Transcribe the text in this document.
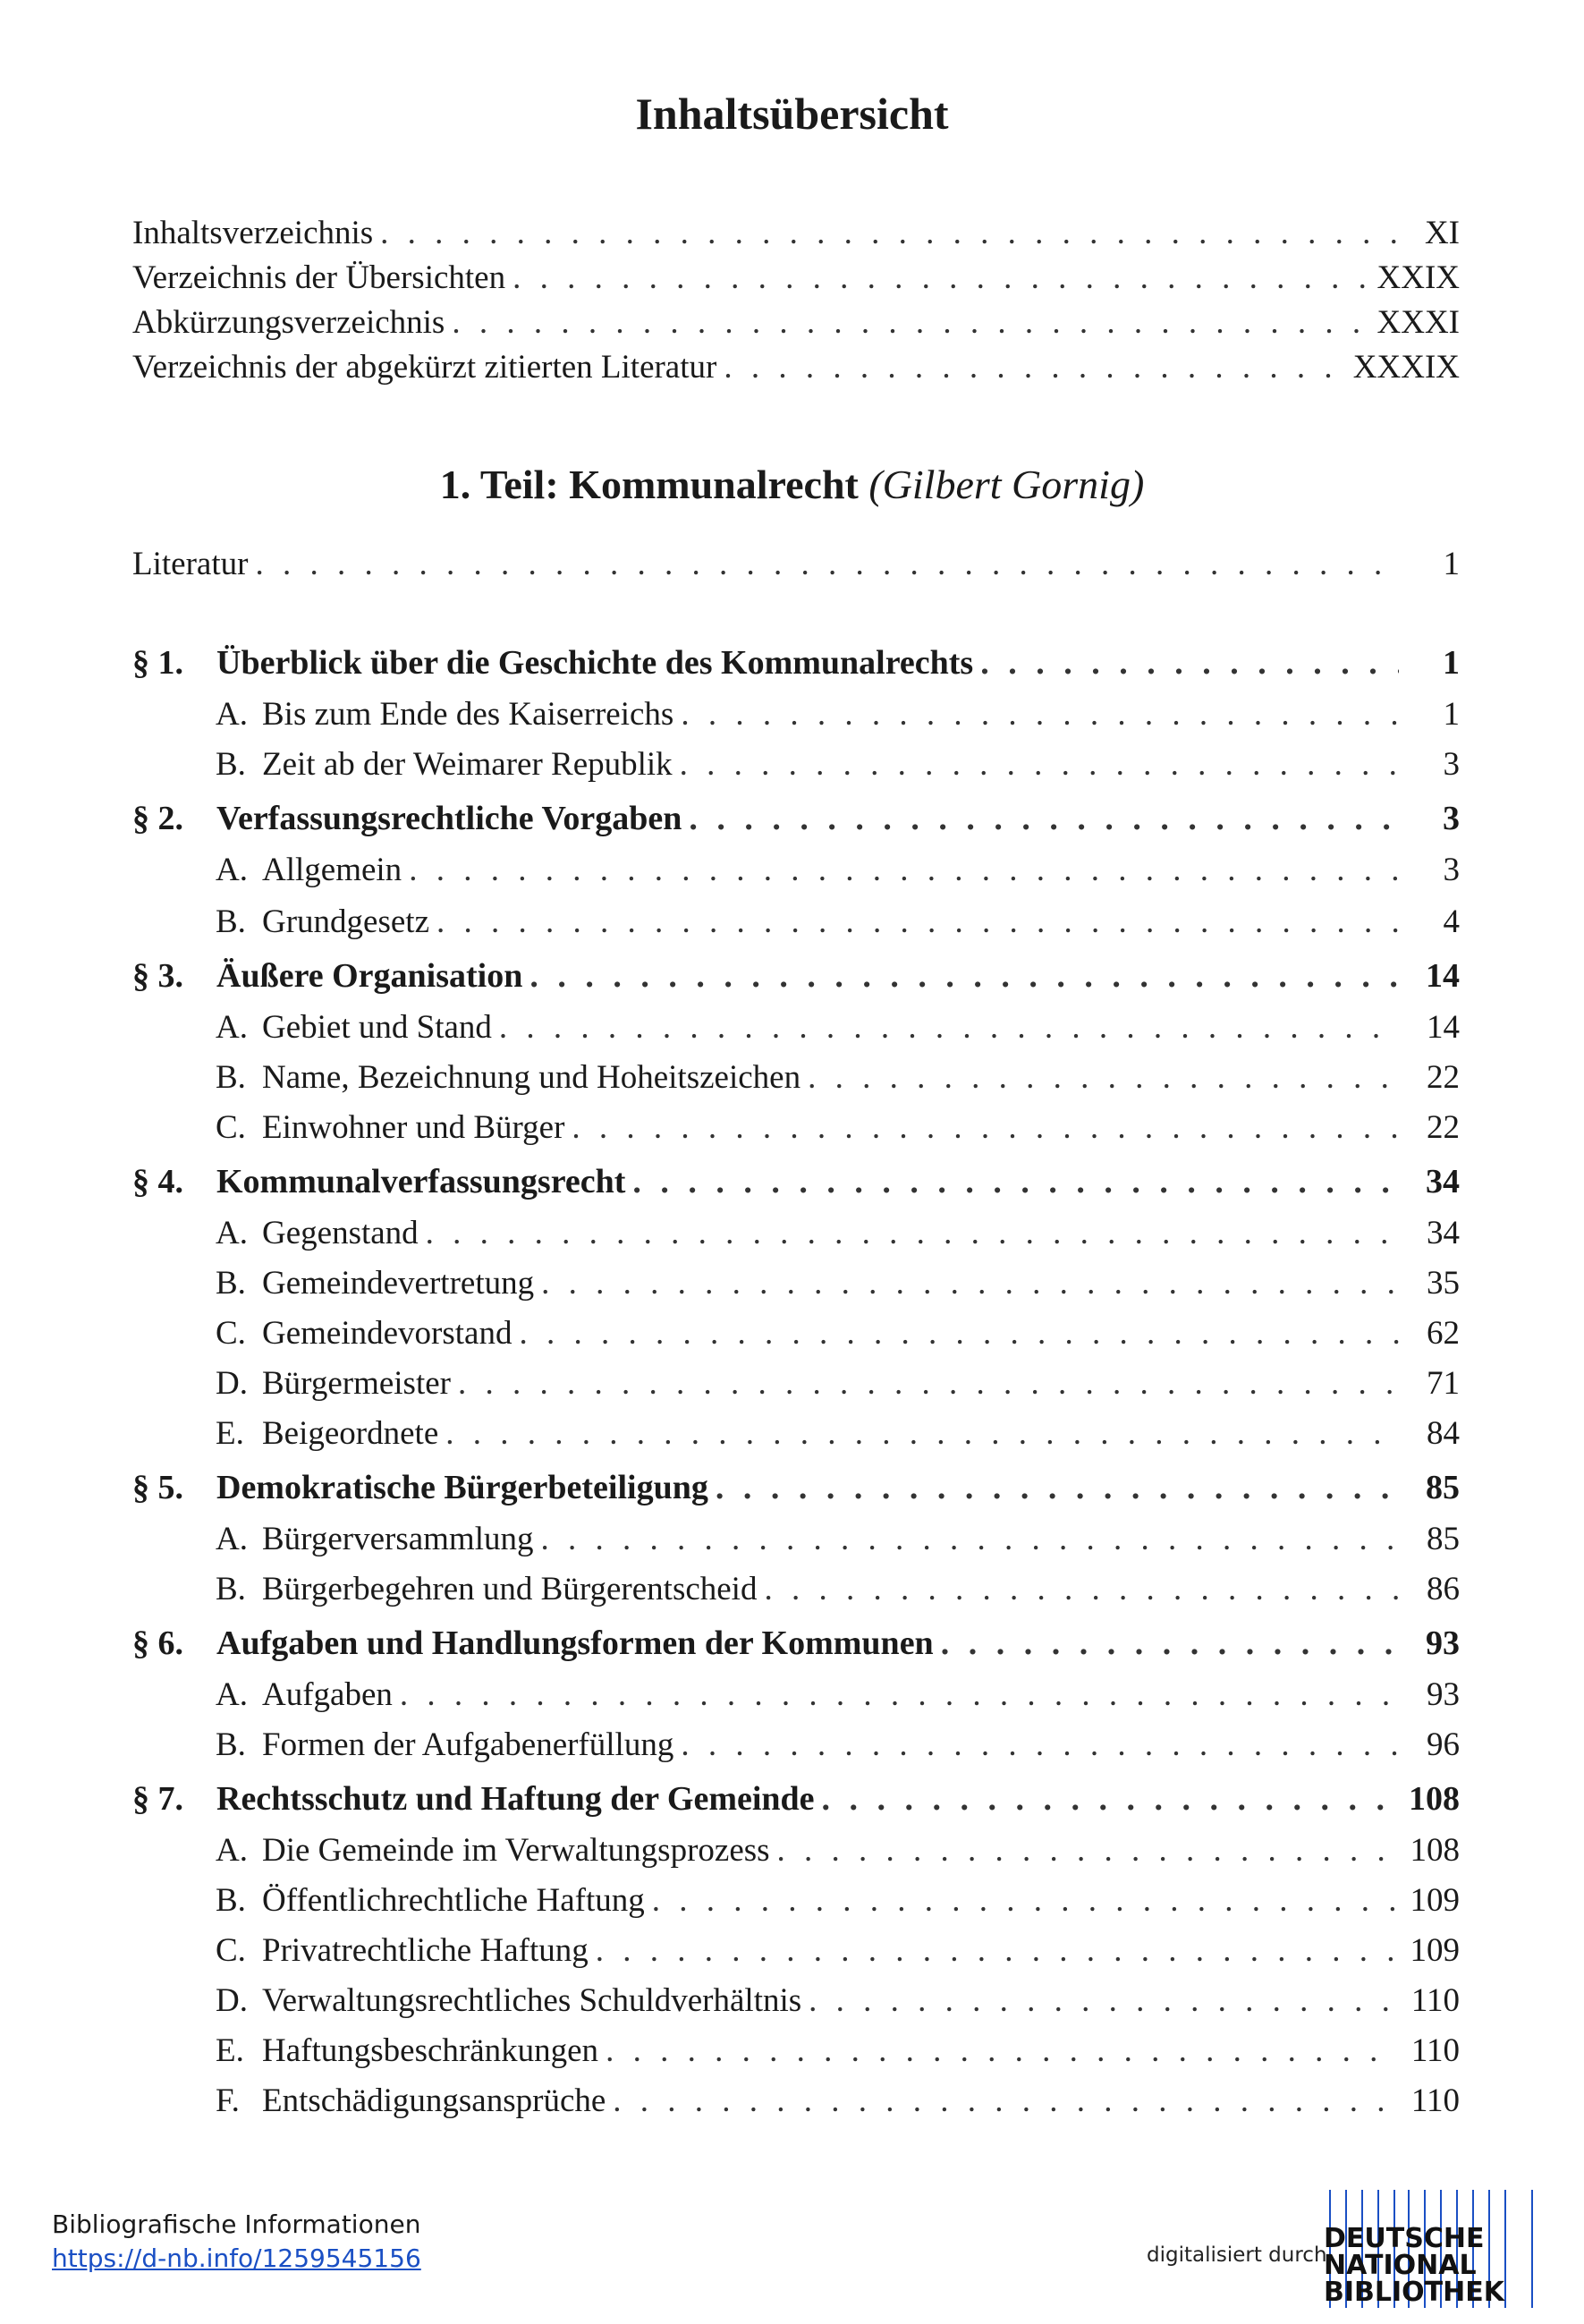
Inhaltsübersicht
Inhaltsverzeichnis . . .	XI
Verzeichnis der Übersichten . . .	XXIX
Abkürzungsverzeichnis . . .	XXXI
Verzeichnis der abgekürzt zitierten Literatur . . .	XXXIX
1. Teil: Kommunalrecht (Gilbert Gornig)
Literatur . . .	1
§ 1. Überblick über die Geschichte des Kommunalrechts . . .	1
A. Bis zum Ende des Kaiserreichs . . .	1
B. Zeit ab der Weimarer Republik . . .	3
§ 2. Verfassungsrechtliche Vorgaben . . .	3
A. Allgemein . . .	3
B. Grundgesetz . . .	4
§ 3. Äußere Organisation . . .	14
A. Gebiet und Stand . . .	14
B. Name, Bezeichnung und Hoheitszeichen . . .	22
C. Einwohner und Bürger . . .	22
§ 4. Kommunalverfassungsrecht . . .	34
A. Gegenstand . . .	34
B. Gemeindevertretung . . .	35
C. Gemeindevorstand . . .	62
D. Bürgermeister . . .	71
E. Beigeordnete . . .	84
§ 5. Demokratische Bürgerbeteiligung . . .	85
A. Bürgerversammlung . . .	85
B. Bürgerbegehren und Bürgerentscheid . . .	86
§ 6. Aufgaben und Handlungsformen der Kommunen . . .	93
A. Aufgaben . . .	93
B. Formen der Aufgabenerfüllung . . .	96
§ 7. Rechtsschutz und Haftung der Gemeinde . . .	108
A. Die Gemeinde im Verwaltungsprozess . . .	108
B. Öffentlichrechtliche Haftung . . .	109
C. Privatrechtliche Haftung . . .	109
D. Verwaltungsrechtliches Schuldverhältnis . . .	110
E. Haftungsbeschränkungen . . .	110
F. Entschädigungsansprüche . . .	110
Bibliografische Informationen
https://d-nb.info/1259545156	digitalisiert durch
DEUTSCHE
NATIONAL
BIBLIOTHEK
